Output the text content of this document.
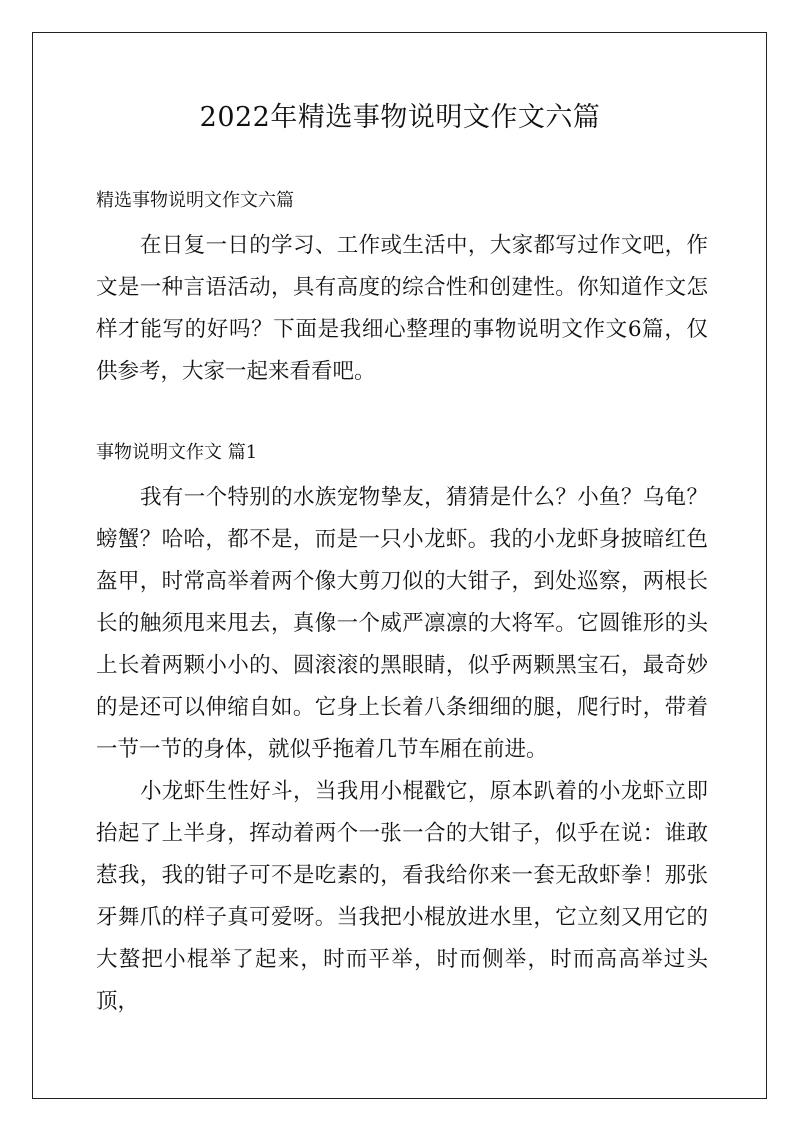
2022年精选事物说明文作文六篇
精选事物说明文作文六篇

在日复一日的学习、工作或生活中，大家都写过作文吧，作文是一种言语活动，具有高度的综合性和创建性。你知道作文怎样才能写的好吗？下面是我细心整理的事物说明文作文6篇，仅供参考，大家一起来看看吧。

事物说明文作文 篇1

我有一个特别的水族宠物挚友，猜猜是什么？小鱼？乌龟？螃蟹？哈哈，都不是，而是一只小龙虾。我的小龙虾身披暗红色盔甲，时常高举着两个像大剪刀似的大钳子，到处巡察，两根长长的触须甩来甩去，真像一个威严凛凛的大将军。它圆锥形的头上长着两颗小小的、圆滚滚的黑眼睛，似乎两颗黑宝石，最奇妙的是还可以伸缩自如。它身上长着八条细细的腿，爬行时，带着一节一节的身体，就似乎拖着几节车厢在前进。

小龙虾生性好斗，当我用小棍戳它，原本趴着的小龙虾立即抬起了上半身，挥动着两个一张一合的大钳子，似乎在说：谁敢惹我，我的钳子可不是吃素的，看我给你来一套无敌虾拳！那张牙舞爪的样子真可爱呀。当我把小棍放进水里，它立刻又用它的大螯把小棍举了起来，时而平举，时而侧举，时而高高举过头顶，
